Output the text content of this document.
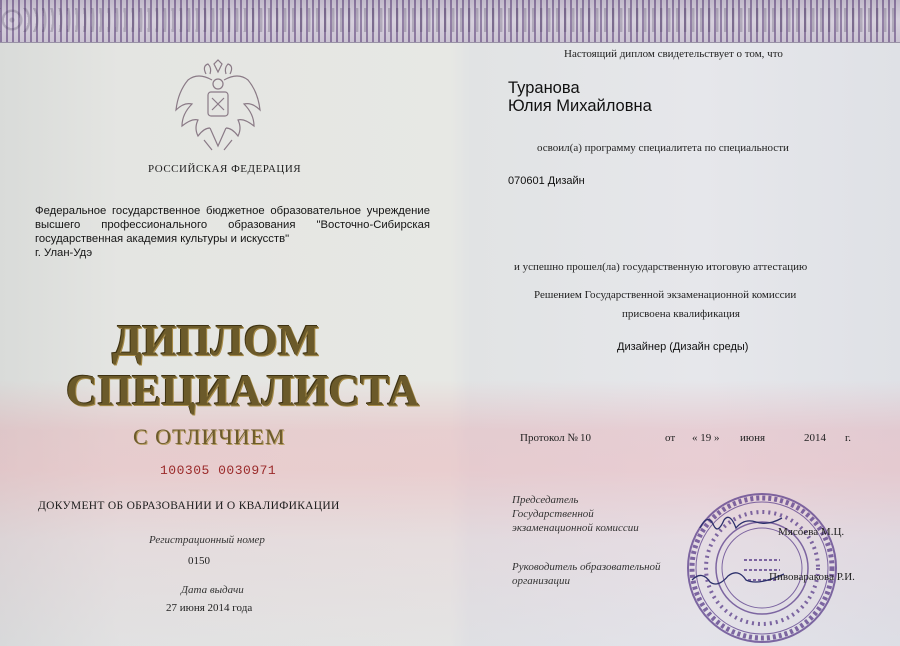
РОССИЙСКАЯ ФЕДЕРАЦИЯ
Федеральное государственное бюджетное образовательное учреждение
высшего профессионального образования "Восточно-Сибирская
государственная академия культуры и искусств"
г. Улан-Удэ
ДИПЛОМ
СПЕЦИАЛИСТА
С ОТЛИЧИЕМ
100305 0030971
ДОКУМЕНТ ОБ ОБРАЗОВАНИИ И О КВАЛИФИКАЦИИ
Регистрационный номер
0150
Дата выдачи
27 июня 2014 года
Настоящий диплом свидетельствует о том, что
Туранова
Юлия Михайловна
освоил(а) программу специалитета по специальности
070601 Дизайн
и успешно прошел(ла) государственную итоговую аттестацию
Решением Государственной экзаменационной комиссии
присвоена квалификация
Дизайнер (Дизайн среды)
Протокол № 10	от « 19 » июня	2014 г.
Председатель
Государственной
экзаменационной комиссии
Руководитель образовательной
организации
Мясоева М.Ц.
Пивоваракова Р.И.
